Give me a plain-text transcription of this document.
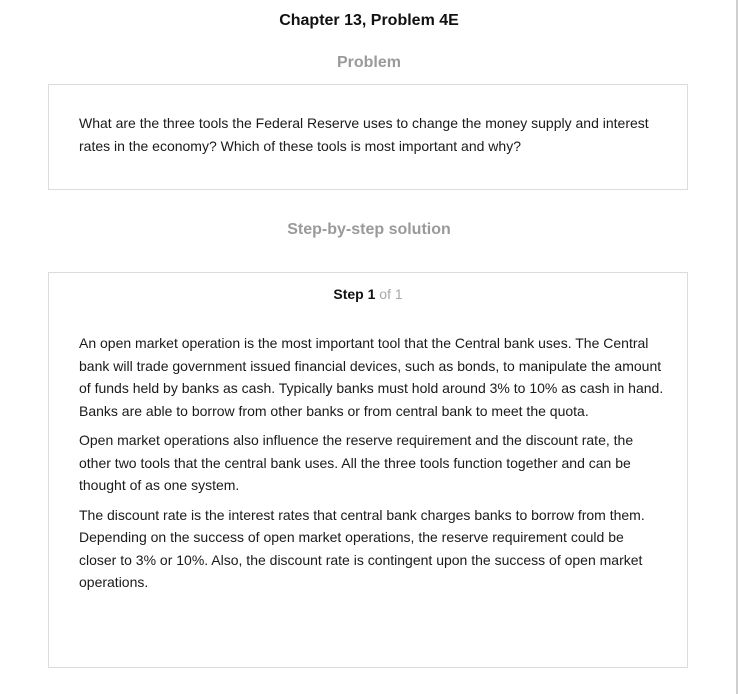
Chapter 13, Problem 4E
Problem

What are the three tools the Federal Reserve uses to change the money supply and interest rates in the economy? Which of these tools is most important and why?

Step-by-step solution
Step 1 of 1

An open market operation is the most important tool that the Central bank uses. The Central bank will trade government issued financial devices, such as bonds, to manipulate the amount of funds held by banks as cash. Typically banks must hold around 3% to 10% as cash in hand. Banks are able to borrow from other banks or from central bank to meet the quota.

Open market operations also influence the reserve requirement and the discount rate, the other two tools that the central bank uses. All the three tools function together and can be thought of as one system.

The discount rate is the interest rates that central bank charges banks to borrow from them. Depending on the success of open market operations, the reserve requirement could be closer to 3% or 10%. Also, the discount rate is contingent upon the success of open market operations.
